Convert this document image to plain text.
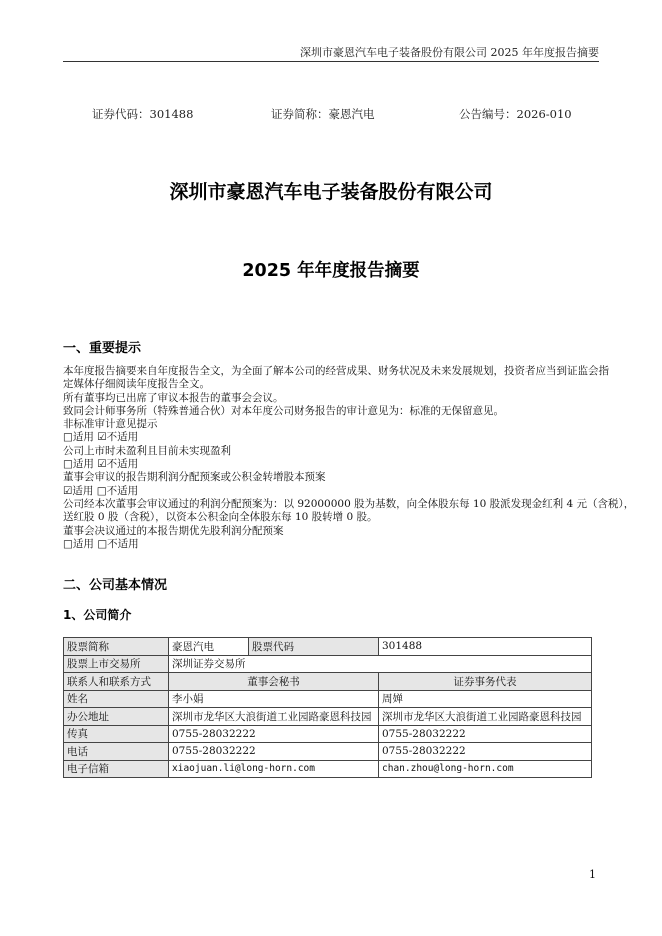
深圳市豪恩汽车电子装备股份有限公司 2025 年年度报告摘要
证券代码：301488	证券简称：豪恩汽电	公告编号：2026-010
深圳市豪恩汽车电子装备股份有限公司
2025 年年度报告摘要
一、重要提示
本年度报告摘要来自年度报告全文，为全面了解本公司的经营成果、财务状况及未来发展规划，投资者应当到证监会指
定媒体仔细阅读年度报告全文。
所有董事均已出席了审议本报告的董事会会议。
致同会计师事务所（特殊普通合伙）对本年度公司财务报告的审计意见为：标准的无保留意见。
非标准审计意见提示
□适用 ☑不适用
公司上市时未盈利且目前未实现盈利
□适用 ☑不适用
董事会审议的报告期利润分配预案或公积金转增股本预案
☑适用 □不适用
公司经本次董事会审议通过的利润分配预案为：以 92000000 股为基数，向全体股东每 10 股派发现金红利 4 元（含税），
送红股 0 股（含税），以资本公积金向全体股东每 10 股转增 0 股。
董事会决议通过的本报告期优先股利润分配预案
□适用 □不适用
二、公司基本情况
1、公司简介
股票简称	豪恩汽电	股票代码	301488
股票上市交易所	深圳证券交易所		
联系人和联系方式	董事会秘书		证券事务代表
姓名	李小娟		周婵
办公地址	深圳市龙华区大浪街道工业园路豪恩科技园		深圳市龙华区大浪街道工业园路豪恩科技园
传真	0755-28032222		0755-28032222
电话	0755-28032222		0755-28032222
电子信箱	xiaojuan.li@long-horn.com		chan.zhou@long-horn.com
1
